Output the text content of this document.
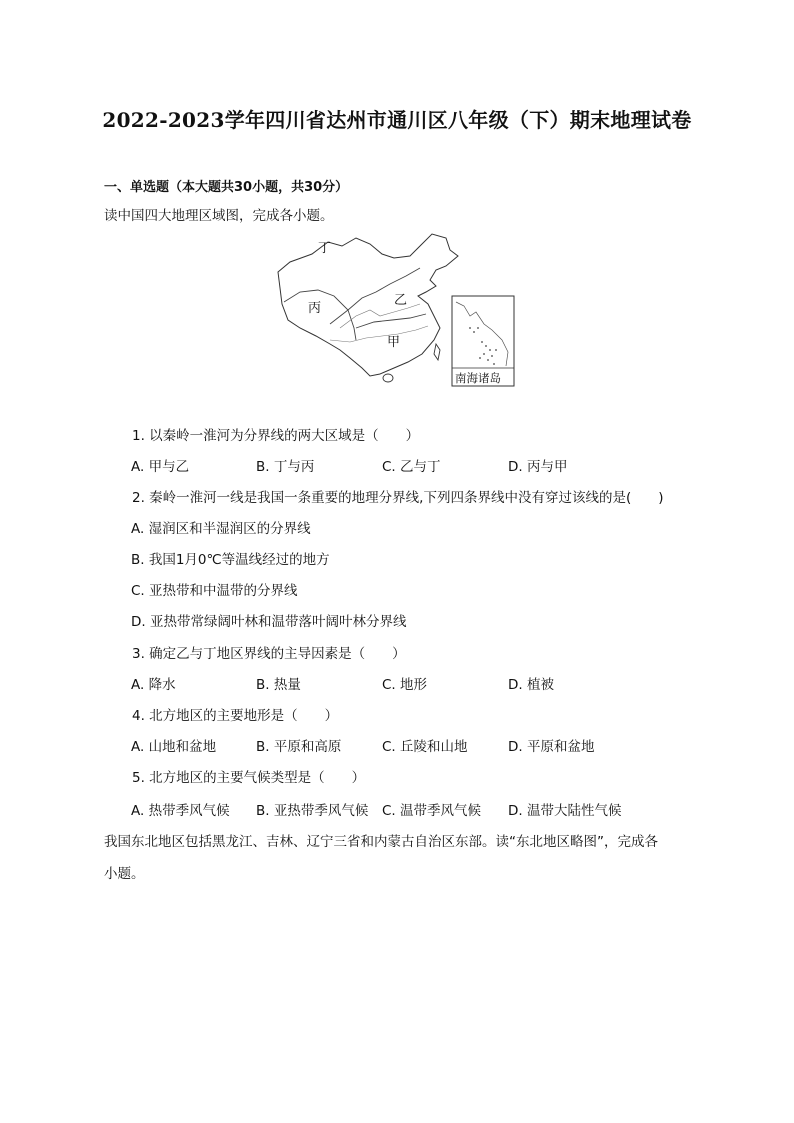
2022-2023学年四川省达州市通川区八年级（下）期末地理试卷
一、单选题（本大题共30小题，共30分）
读中国四大地理区域图，完成各小题。
丁
丙
乙
甲
南海诸岛
1. 以秦岭一淮河为分界线的两大区域是（　　）
A. 甲与乙	B. 丁与丙	C. 乙与丁	D. 丙与甲
2. 秦岭一淮河一线是我国一条重要的地理分界线,下列四条界线中没有穿过该线的是(　　)
A. 湿润区和半湿润区的分界线
B. 我国1月0℃等温线经过的地方
C. 亚热带和中温带的分界线
D. 亚热带常绿阔叶林和温带落叶阔叶林分界线
3. 确定乙与丁地区界线的主导因素是（　　）
A. 降水	B. 热量	C. 地形	D. 植被
4. 北方地区的主要地形是（　　）
A. 山地和盆地	B. 平原和高原	C. 丘陵和山地	D. 平原和盆地
5. 北方地区的主要气候类型是（　　）
A. 热带季风气候 B. 亚热带季风气候 C. 温带季风气候 D. 温带大陆性气候
我国东北地区包括黑龙江、吉林、辽宁三省和内蒙古自治区东部。读“东北地区略图”，完成各
小题。
